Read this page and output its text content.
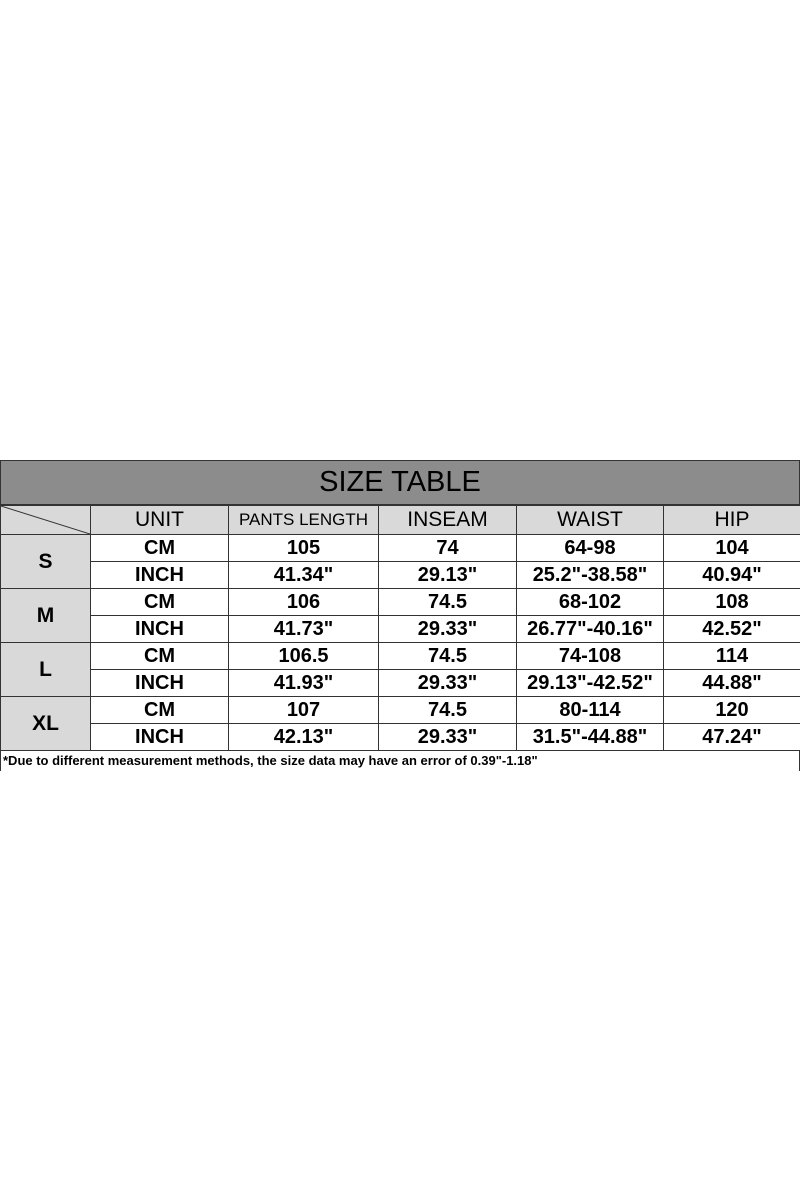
SIZE TABLE
	UNIT	PANTS LENGTH	INSEAM	WAIST	HIP
S	CM	105	74	64-98	104
	INCH	41.34"	29.13"	25.2"-38.58"	40.94"
M	CM	106	74.5	68-102	108
	INCH	41.73"	29.33"	26.77"-40.16"	42.52"
L	CM	106.5	74.5	74-108	114
	INCH	41.93"	29.33"	29.13"-42.52"	44.88"
XL	CM	107	74.5	80-114	120
	INCH	42.13"	29.33"	31.5"-44.88"	47.24"
*Due to different measurement methods, the size data may have an error of 0.39"-1.18"
